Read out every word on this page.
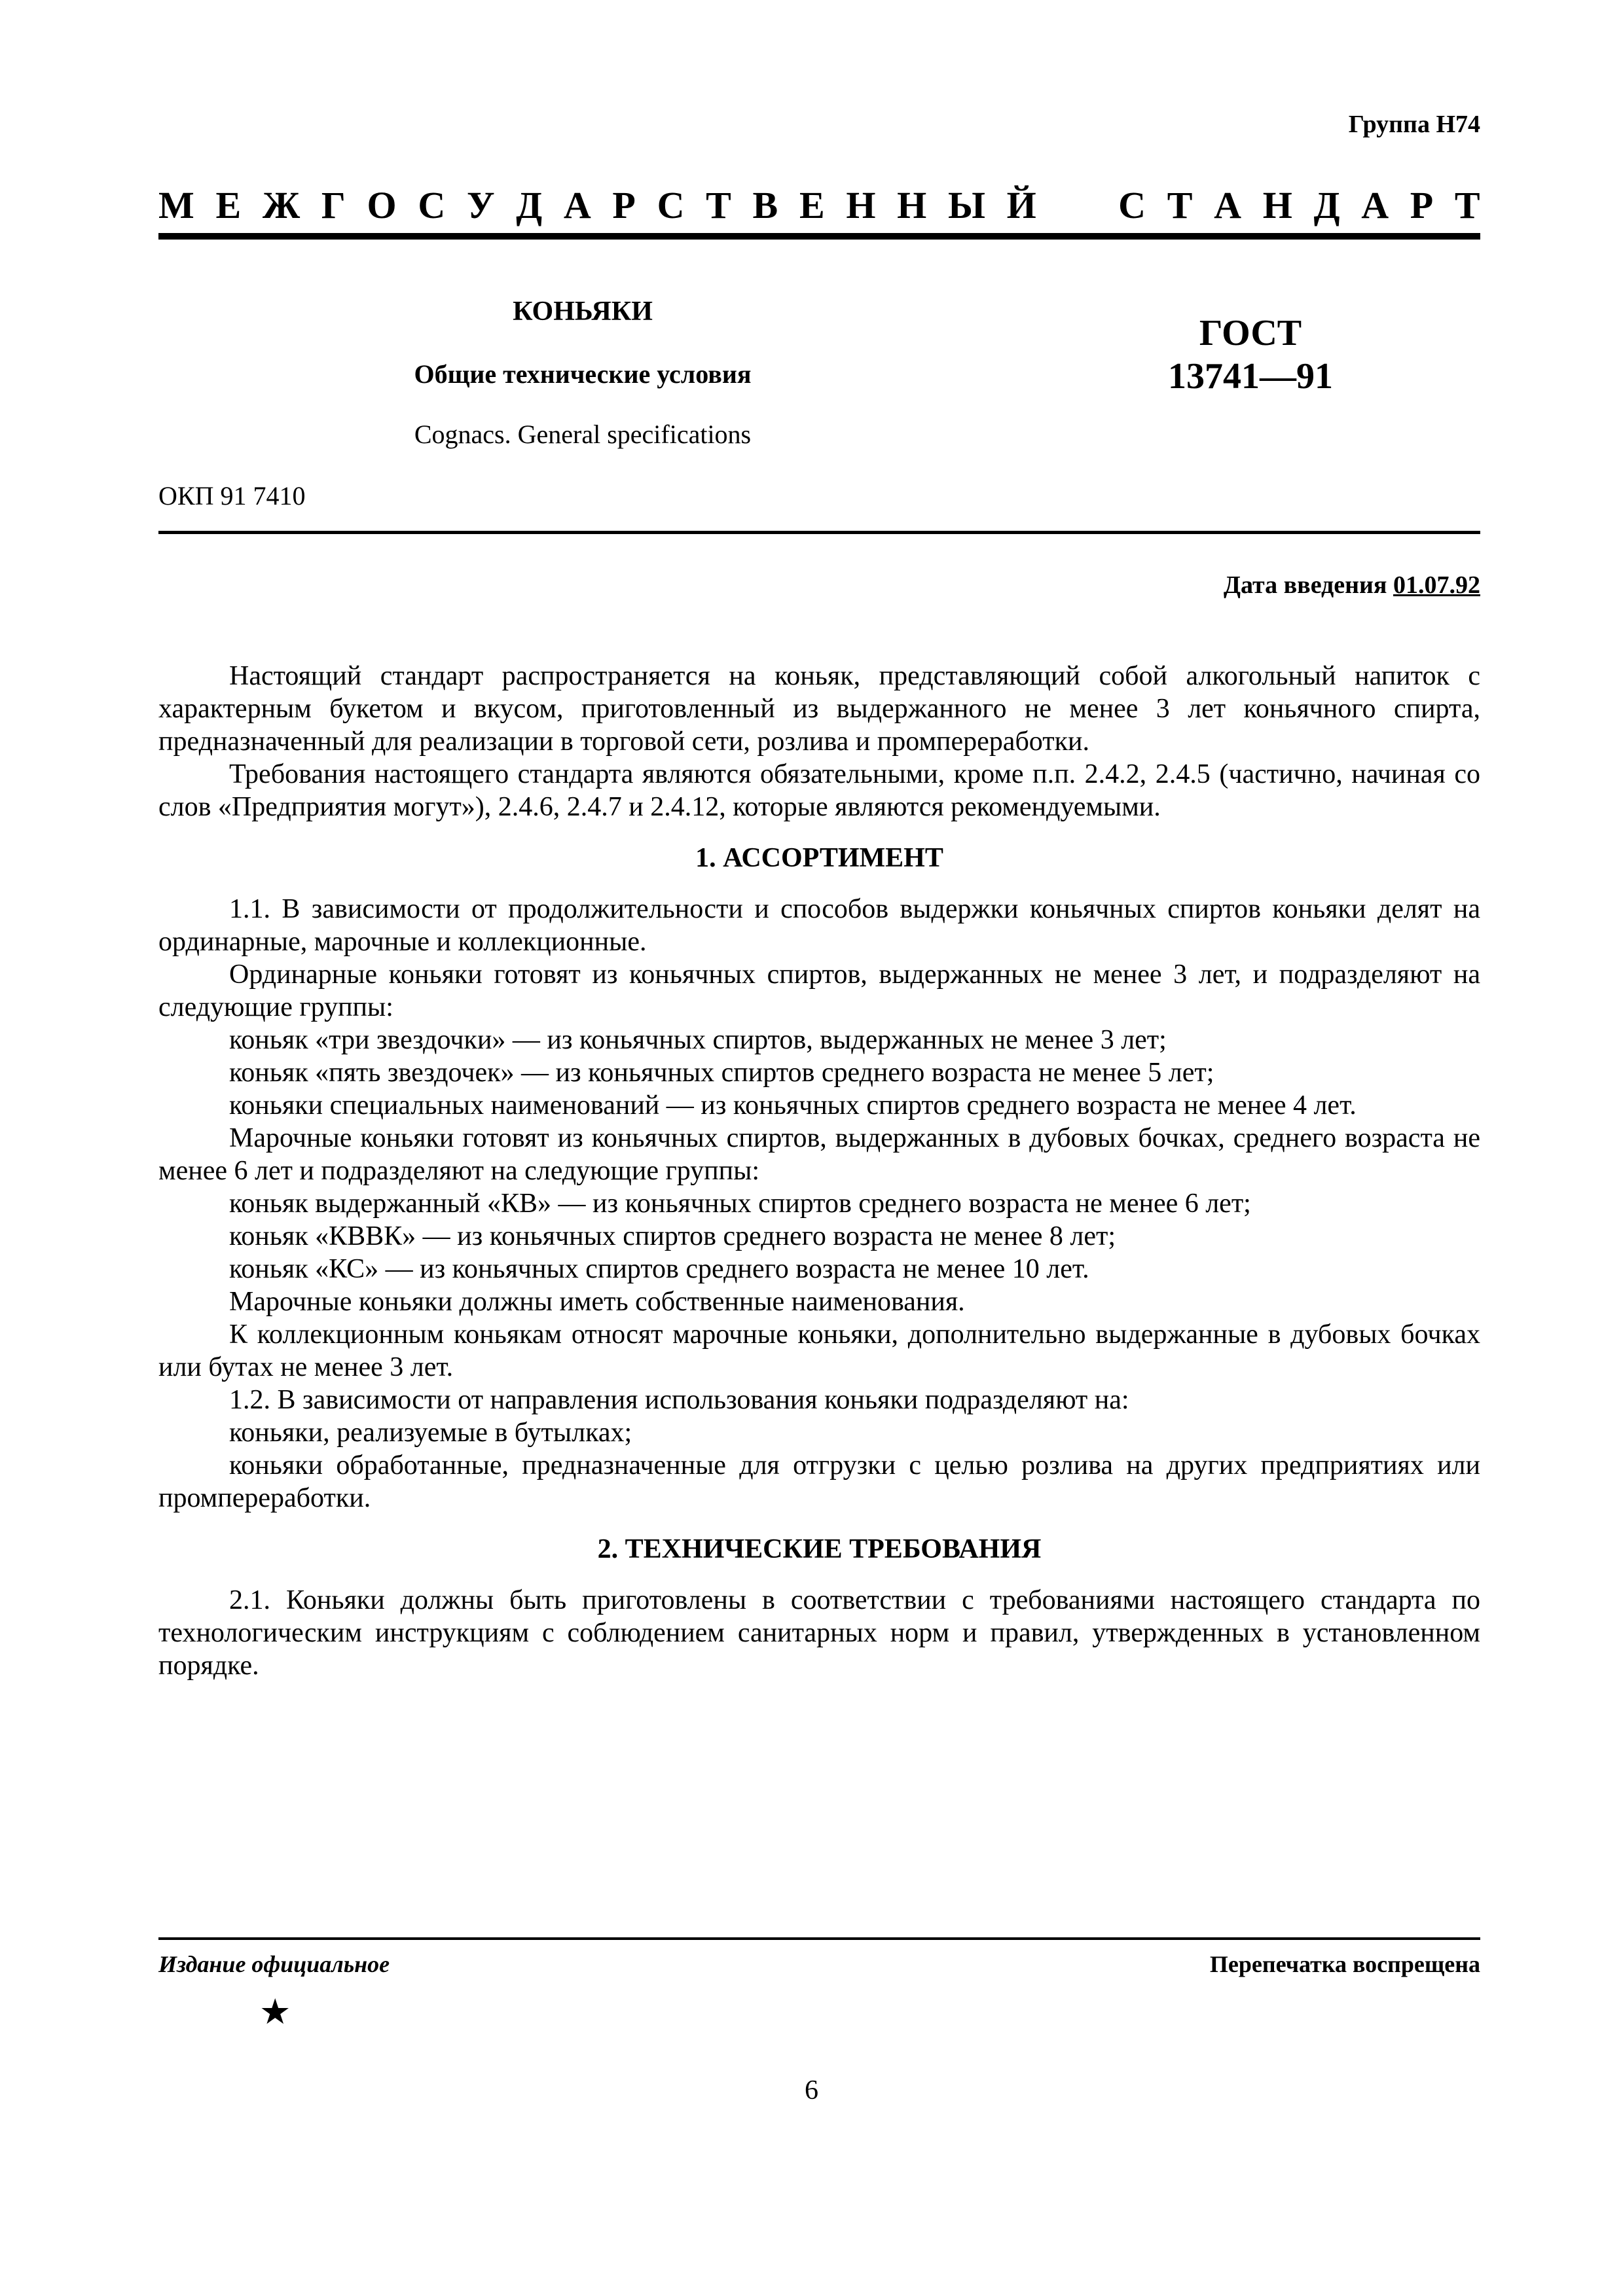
Группа Н74
М Е Ж Г О С У Д А Р С Т В Е Н Н Ы Й С Т А Н Д А Р Т
КОНЬЯКИ
Общие технические условия
Cognacs. General specifications
ГОСТ
13741—91
ОКП 91 7410
Дата введения 01.07.92

Настоящий стандарт распространяется на коньяк, представляющий собой алкогольный напиток с характерным букетом и вкусом, приготовленный из выдержанного не менее 3 лет коньячного спирта, предназначенный для реализации в торговой сети, розлива и промпереработки.

Требования настоящего стандарта являются обязательными, кроме п.п. 2.4.2, 2.4.5 (частично, начиная со слов «Предприятия могут»), 2.4.6, 2.4.7 и 2.4.12, которые являются рекомендуемыми.

1. АССОРТИМЕНТ

1.1. В зависимости от продолжительности и способов выдержки коньячных спиртов коньяки делят на ординарные, марочные и коллекционные.

Ординарные коньяки готовят из коньячных спиртов, выдержанных не менее 3 лет, и подразделяют на следующие группы:

коньяк «три звездочки» — из коньячных спиртов, выдержанных не менее 3 лет;

коньяк «пять звездочек» — из коньячных спиртов среднего возраста не менее 5 лет;

коньяки специальных наименований — из коньячных спиртов среднего возраста не менее 4 лет.

Марочные коньяки готовят из коньячных спиртов, выдержанных в дубовых бочках, среднего возраста не менее 6 лет и подразделяют на следующие группы:

коньяк выдержанный «КВ» — из коньячных спиртов среднего возраста не менее 6 лет;

коньяк «КВВК» — из коньячных спиртов среднего возраста не менее 8 лет;

коньяк «КС» — из коньячных спиртов среднего возраста не менее 10 лет.

Марочные коньяки должны иметь собственные наименования.

К коллекционным коньякам относят марочные коньяки, дополнительно выдержанные в дубовых бочках или бутах не менее 3 лет.

1.2. В зависимости от направления использования коньяки подразделяют на:

коньяки, реализуемые в бутылках;

коньяки обработанные, предназначенные для отгрузки с целью розлива на других предприятиях или промпереработки.

2. ТЕХНИЧЕСКИЕ ТРЕБОВАНИЯ

2.1. Коньяки должны быть приготовлены в соответствии с требованиями настоящего стандарта по технологическим инструкциям с соблюдением санитарных норм и правил, утвержденных в установленном порядке.

Издание официальное	Перепечатка воспрещена
★
6
